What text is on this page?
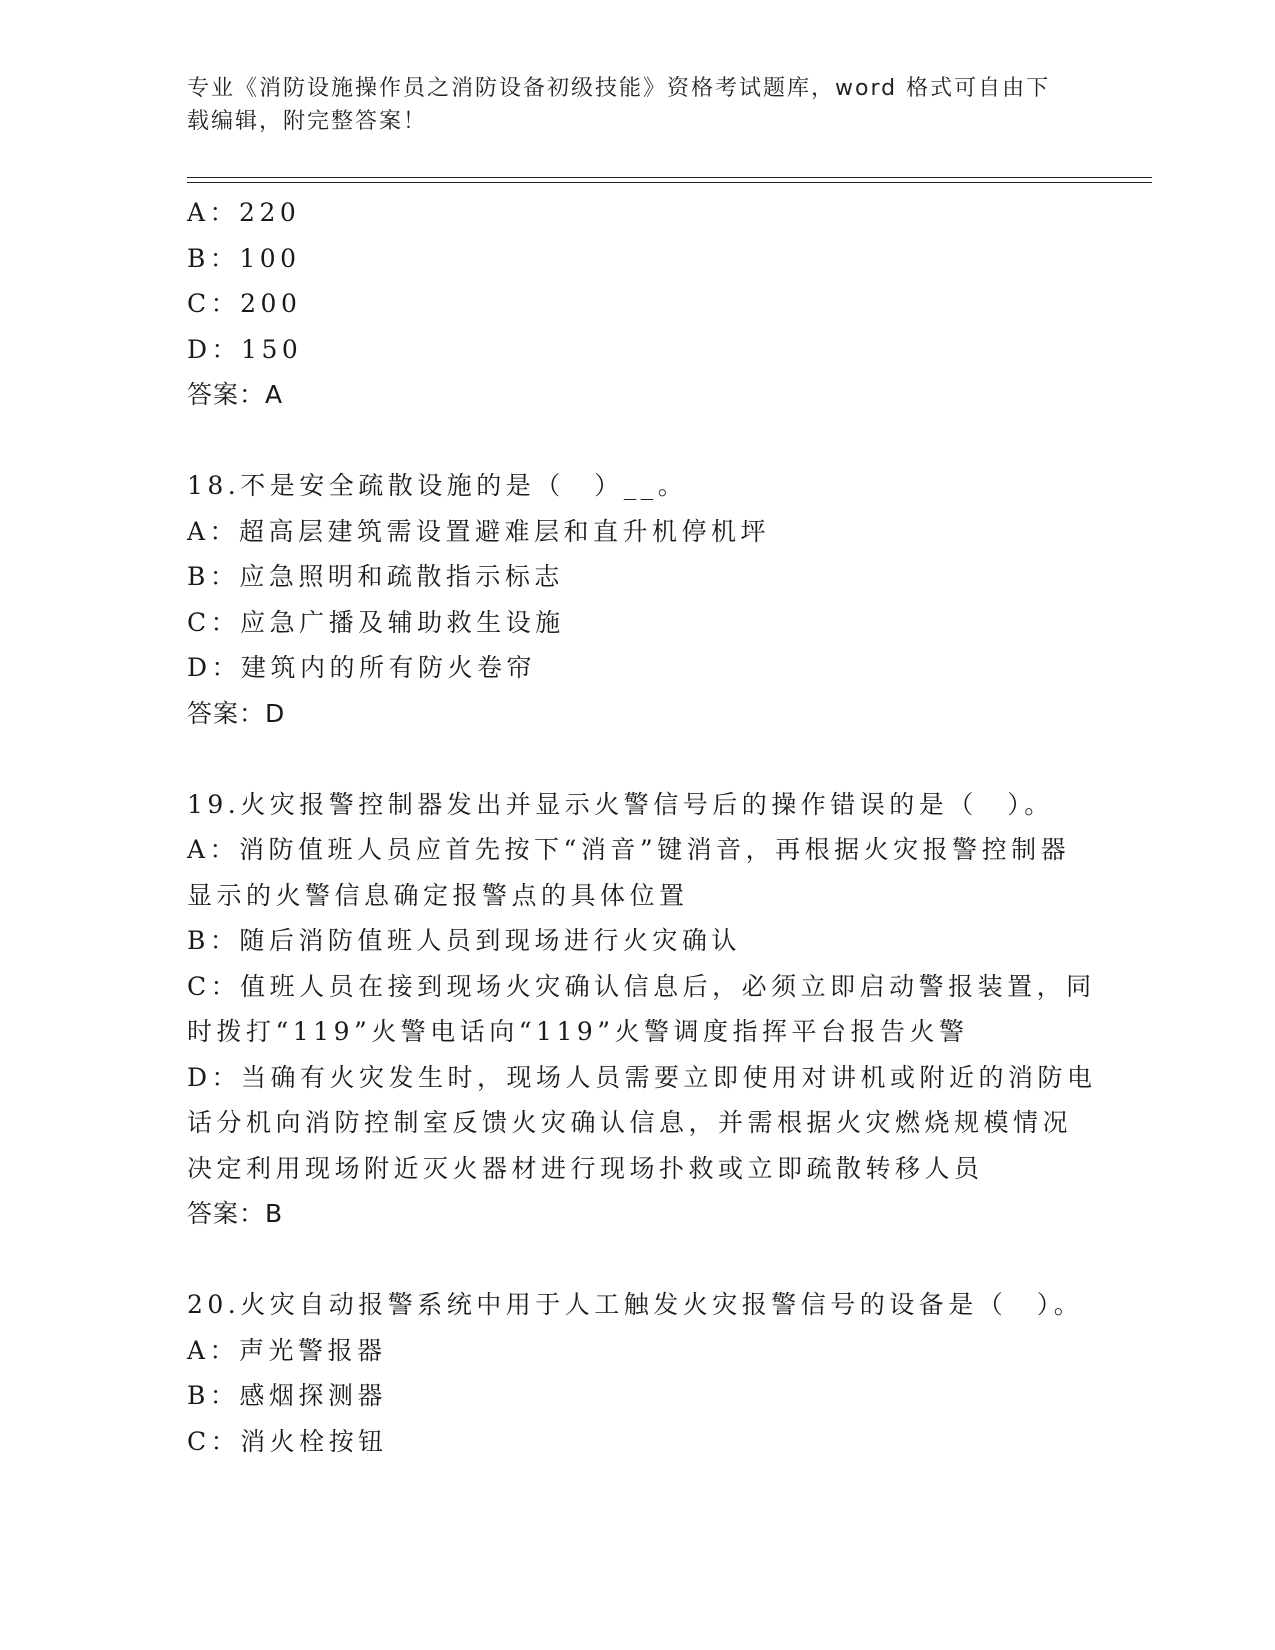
专业《消防设施操作员之消防设备初级技能》资格考试题库，word 格式可自由下
载编辑，附完整答案！
A：220
B：100
C：200
D：150
答案：A
18.不是安全疏散设施的是（　）__。
A：超高层建筑需设置避难层和直升机停机坪
B：应急照明和疏散指示标志
C：应急广播及辅助救生设施
D：建筑内的所有防火卷帘
答案：D
19.火灾报警控制器发出并显示火警信号后的操作错误的是（　）。
A：消防值班人员应首先按下“消音”键消音，再根据火灾报警控制器
显示的火警信息确定报警点的具体位置
B：随后消防值班人员到现场进行火灾确认
C：值班人员在接到现场火灾确认信息后，必须立即启动警报装置，同
时拨打“119”火警电话向“119”火警调度指挥平台报告火警
D：当确有火灾发生时，现场人员需要立即使用对讲机或附近的消防电
话分机向消防控制室反馈火灾确认信息，并需根据火灾燃烧规模情况
决定利用现场附近灭火器材进行现场扑救或立即疏散转移人员
答案：B
20.火灾自动报警系统中用于人工触发火灾报警信号的设备是（　）。
A：声光警报器
B：感烟探测器
C：消火栓按钮
